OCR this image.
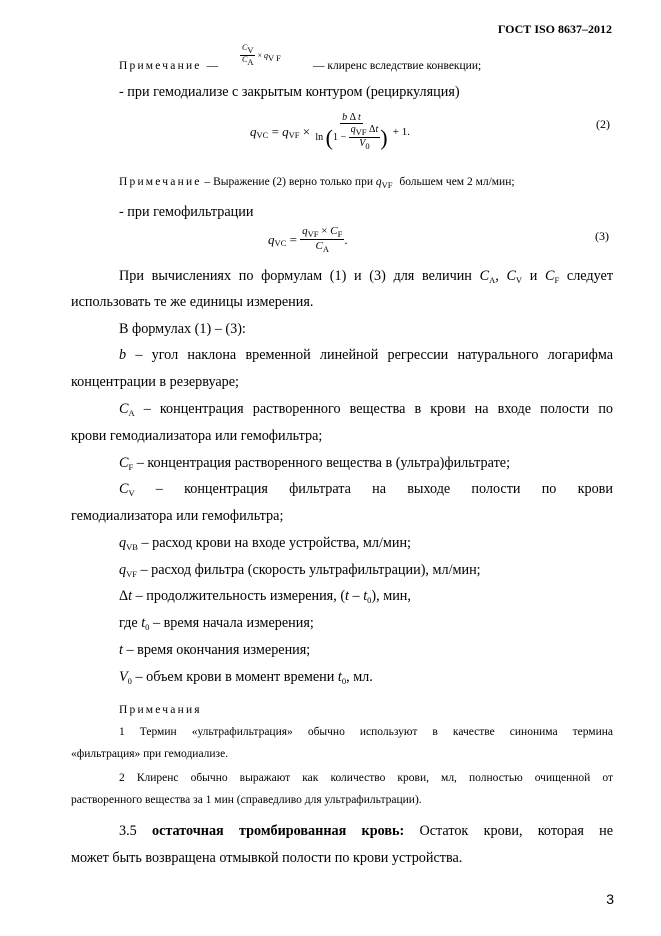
ГОСТ ISO 8637–2012
Примечание — $\frac{CV}{CA}$ × qV F
— клиренс вследствие конвекции;
- при гемодиализе с закрытым контуром (рециркуляция)
$q_{VC} = q_{VF} \times \frac{\text{b Δ t}}{\ln (1 - \frac{q_{VF} \Delta t}{V_0} )} + 1$.
(2)
Примечание – Выражение (2) верно только при $q_{VF}$ большем чем 2 мл/мин;
- при гемофильтрации
$q_{VC} = \frac{q_{VF} \times C_F}{C_A}$ .	(3)
При вычислениях по формулам (1) и (3) для величин $C_A$, $C_V$ и $C_F$ следует
использовать те же единицы измерения.
В формулах (1) – (3):
b – угол наклона временной линейной регрессии натурального логарифма
концентрации в резервуаре;
$C_A$ – концентрация растворенного вещества в крови на входе полости по
крови гемодиализатора или гемофильтра;
$C_F$ – концентрация растворенного вещества в (ультра)фильтрате;
$C_V$ – концентрация фильтрата на выходе полости по крови
гемодиализатора или гемофильтра;
$q_{VB}$ – расход крови на входе устройства, мл/мин;
$q_{VF}$ – расход фильтра (скорость ультрафильтрации), мл/мин;
Δt – продолжительность измерения, $(t - t_0)$, мин,
где $t_0$ – время начала измерения;
t – время окончания измерения;
$V_0$ – объем крови в момент времени $t_0$, мл.
Примечания
1 Термин «ультрафильтрация» обычно используют в качестве синонима термина
«фильтрация» при гемодиализе.
2 Клиренс обычно выражают как количество крови, мл, полностью очищенной от
растворенного вещества за 1 мин (справедливо для ультрафильтрации).
3.5 остаточная тромбированная кровь: Остаток крови, которая не
может быть возвращена отмывкой полости по крови устройства.
3
